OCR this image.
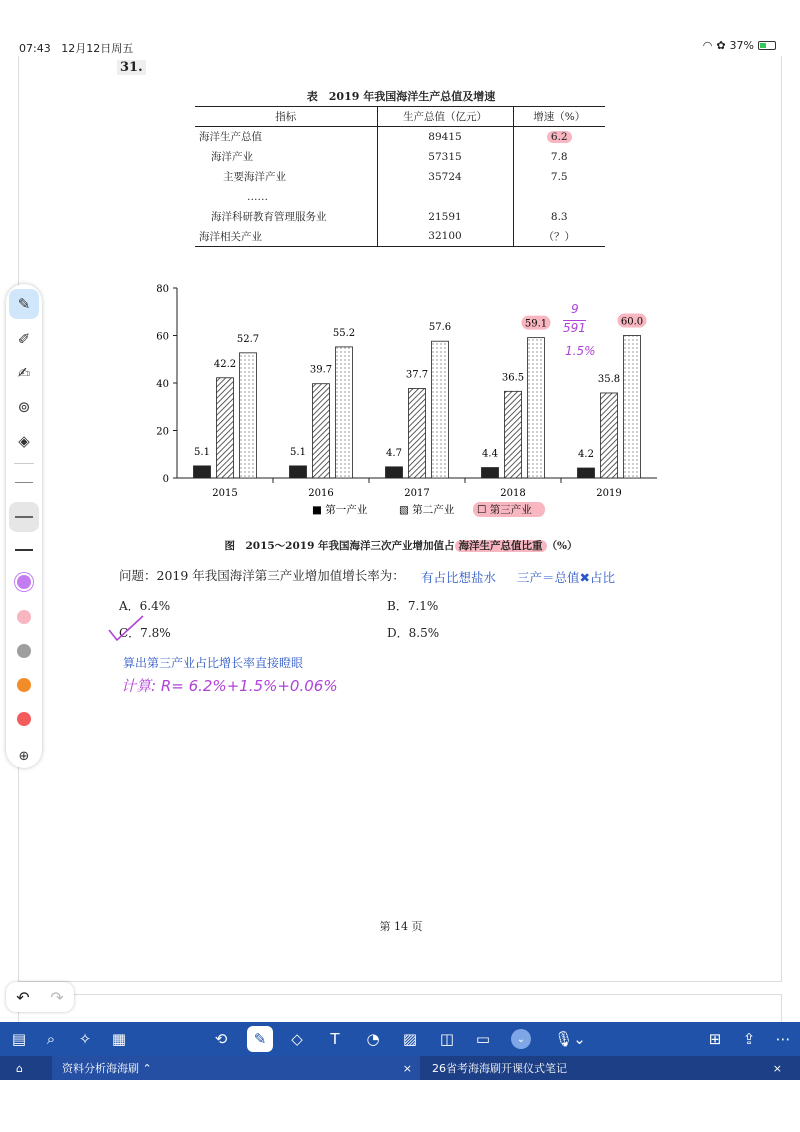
07:43 12月12日周五	◠ ✿ 37%
31.
表　2019 年我国海洋生产总值及增速
指标	生产总值（亿元）	增速（%）
海洋生产总值	89415	6.2
海洋产业	57315	7.8
主要海洋产业	35724	7.5
……		
海洋科研教育管理服务业	21591	8.3
海洋相关产业	32100	（？）
0
20
40
60
80
2015
5.1
42.2
52.7
2016
5.1
39.7
55.2
2017
4.7
37.7
57.6
2018
4.4
36.5
59.1
2019
4.2
35.8
60.0
■ 第一产业	▧ 第二产业 ☐ 第三产业
图　2015～2019 年我国海洋三次产业增加值占 海洋生产总值比重 （%）
问题：2019 年我国海洋第三产业增加值增长率为： 有占比想盐水 三产＝总值✖占比
A．6.4%	B．7.1%
C．7.8%	D．8.5%
算出第三产业占比增长率直接瞪眼
计算: R= 6.2%+1.5%+0.06%
9
591
1.5%
第 14 页
✎
✐
✍
⊚
◈
⊕
↶ ↷
▤	⌕	✧	▦	⟲	✎	◇	T	◔	▨	◫	▭	⌄	🎙⌄	⊞	⇪	⋯
⌂	资料分析海海刷
⌃	× 26省考海海刷开课仪式笔记	×
